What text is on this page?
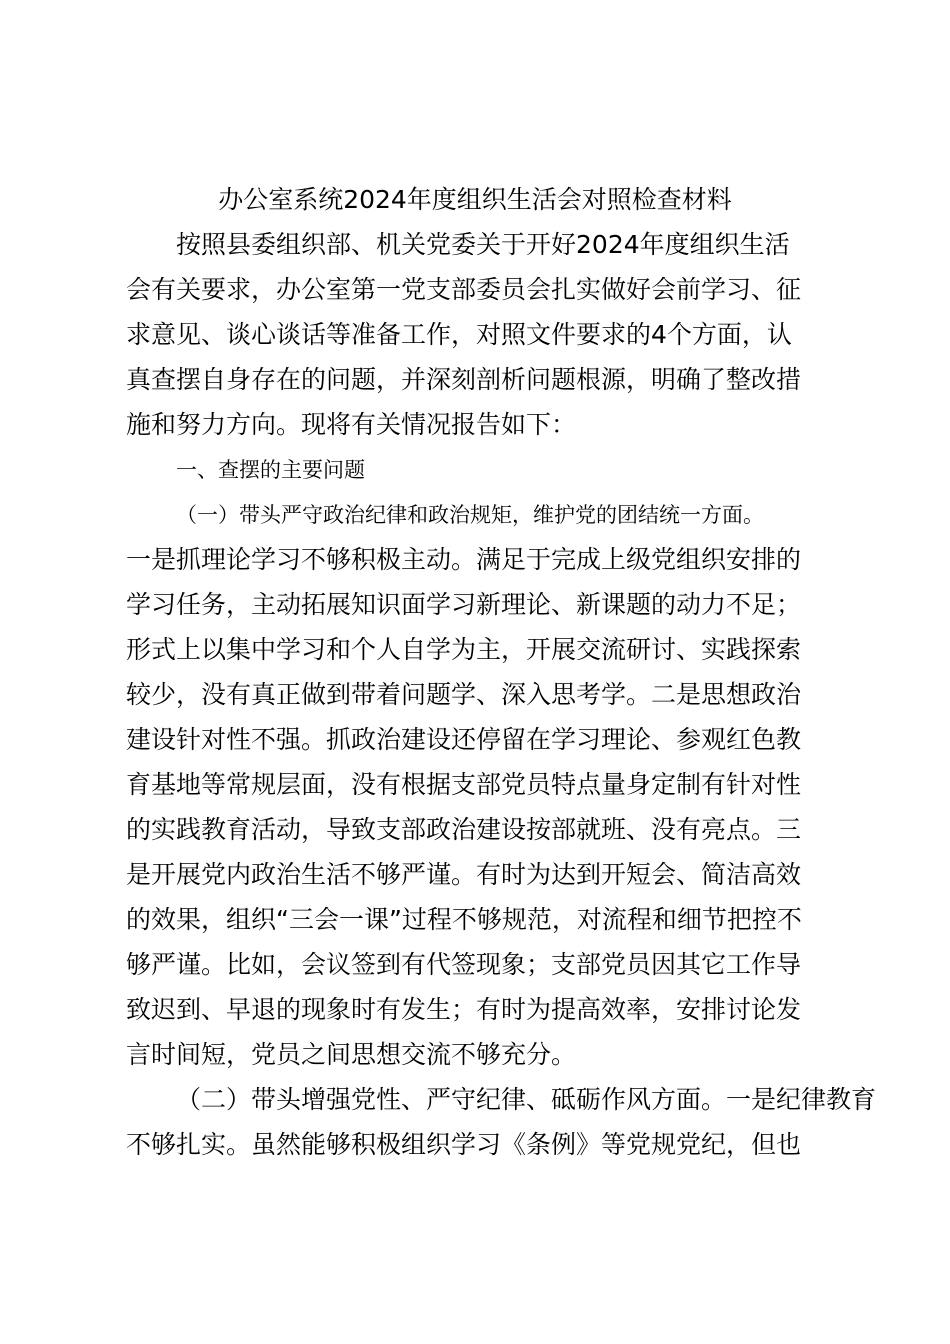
办公室系统2024年度组织生活会对照检查材料
按照县委组织部、机关党委关于开好2024年度组织生活
会有关要求，办公室第一党支部委员会扎实做好会前学习、征
求意见、谈心谈话等准备工作，对照文件要求的4个方面，认
真查摆自身存在的问题，并深刻剖析问题根源，明确了整改措
施和努力方向。现将有关情况报告如下：
一、查摆的主要问题
（一）带头严守政治纪律和政治规矩，维护党的团结统一方面。
一是抓理论学习不够积极主动。满足于完成上级党组织安排的
学习任务，主动拓展知识面学习新理论、新课题的动力不足；
形式上以集中学习和个人自学为主，开展交流研讨、实践探索
较少，没有真正做到带着问题学、深入思考学。二是思想政治
建设针对性不强。抓政治建设还停留在学习理论、参观红色教
育基地等常规层面，没有根据支部党员特点量身定制有针对性
的实践教育活动，导致支部政治建设按部就班、没有亮点。三
是开展党内政治生活不够严谨。有时为达到开短会、简洁高效
的效果，组织“三会一课”过程不够规范，对流程和细节把控不
够严谨。比如，会议签到有代签现象；支部党员因其它工作导
致迟到、早退的现象时有发生；有时为提高效率，安排讨论发
言时间短，党员之间思想交流不够充分。
（二）带头增强党性、严守纪律、砥砺作风方面。一是纪律教育
不够扎实。虽然能够积极组织学习《条例》等党规党纪，但也
